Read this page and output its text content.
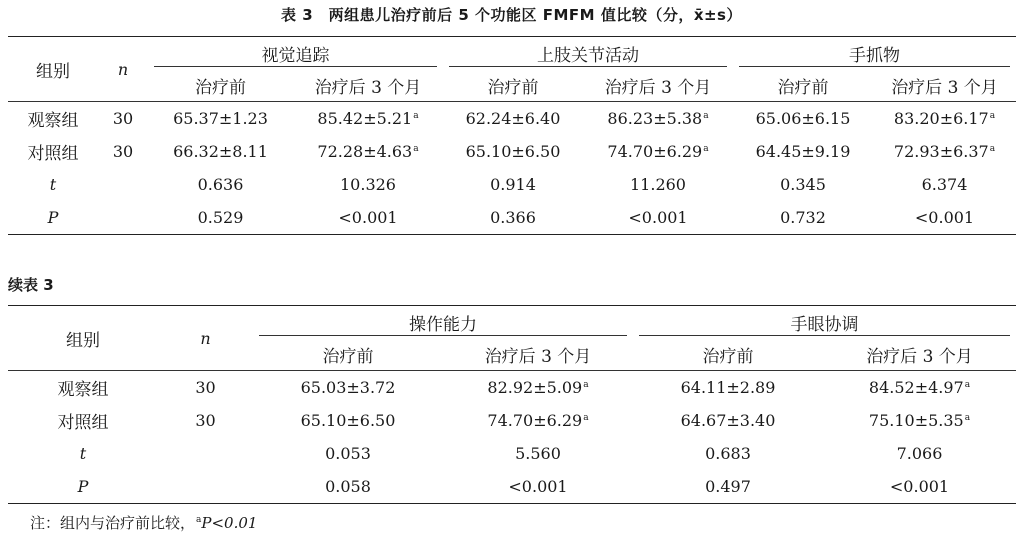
表 3　两组患儿治疗前后 5 个功能区 FMFM 值比较（分，x̄±s）
组别	n	视觉追踪		上肢关节活动		手抓物	

		治疗前	治疗后 3 个月	治疗前	治疗后 3 个月	治疗前	治疗后 3 个月
观察组	30	65.37±1.23	85.42±5.21$^a$	62.24±6.40	86.23±5.38$^a$	65.06±6.15	83.20±6.17$^a$
对照组	30	66.32±8.11	72.28±4.63$^a$	65.10±6.50	74.70±6.29$^a$	64.45±9.19	72.93±6.37$^a$
t		0.636	10.326	0.914	11.260	0.345	6.374
P		0.529	<0.001	0.366	<0.001	0.732	<0.001
续表 3
组别	n	操作能力		手眼协调	

		治疗前	治疗后 3 个月	治疗前	治疗后 3 个月
观察组	30	65.03±3.72	82.92±5.09$^a$	64.11±2.89	84.52±4.97$^a$
对照组	30	65.10±6.50	74.70±6.29$^a$	64.67±3.40	75.10±5.35$^a$
t		0.053	5.560	0.683	7.066
P		0.058	<0.001	0.497	<0.001
注：组内与治疗前比较，$^a$P<0.01
